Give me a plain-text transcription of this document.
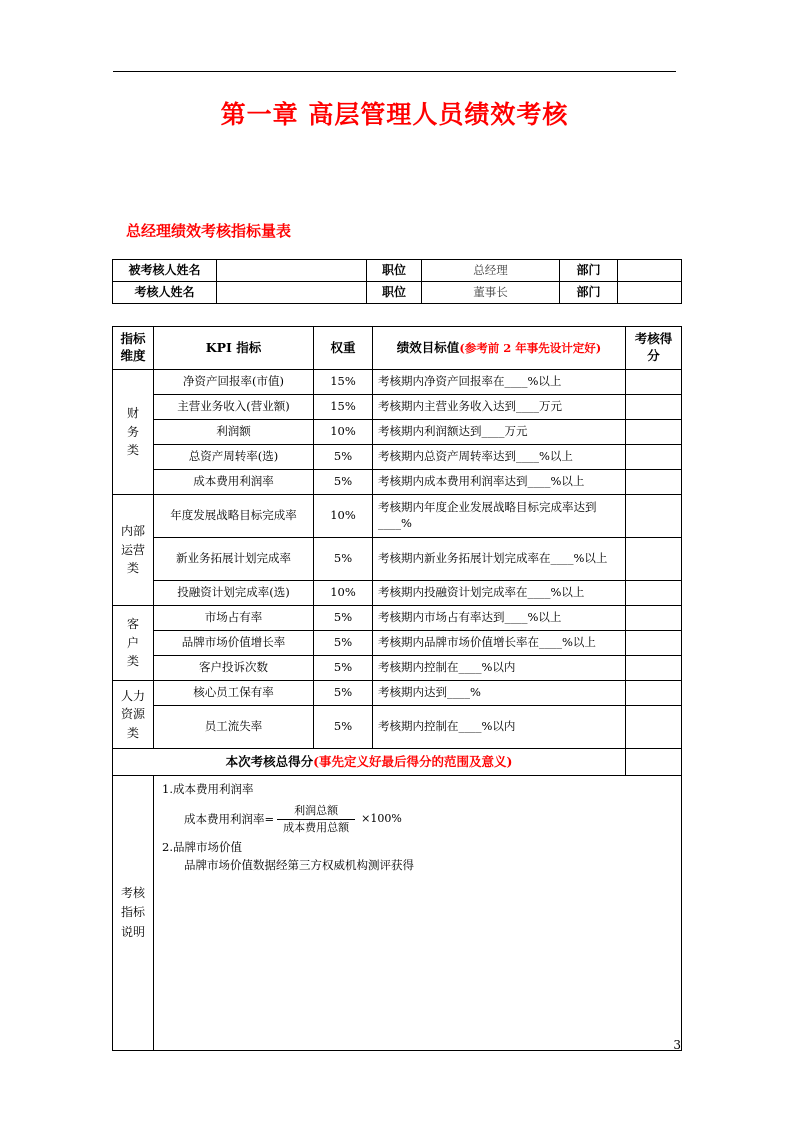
第一章 高层管理人员绩效考核
总经理绩效考核指标量表
被考核人姓名		职位	总经理	部门	
考核人姓名		职位	董事长	部门	
指标
维度	KPI 指标	权重	绩效目标值(参考前 2 年事先设计定好)	考核得分
财
务
类	净资产回报率(市值)	15%	考核期内净资产回报率在____%以上	
	主营业务收入(营业额)	15%	考核期内主营业务收入达到____万元	
	利润额	10%	考核期内利润额达到____万元	
	总资产周转率(选)	5%	考核期内总资产周转率达到____%以上	
	成本费用利润率	5%	考核期内成本费用利润率达到____%以上	
内部
运营
类	年度发展战略目标完成率	10%	考核期内年度企业发展战略目标完成率达到____%	
	新业务拓展计划完成率	5%	考核期内新业务拓展计划完成率在____%以上	
	投融资计划完成率(选)	10%	考核期内投融资计划完成率在____%以上	
客
户
类	市场占有率	5%	考核期内市场占有率达到____%以上	
	品牌市场价值增长率	5%	考核期内品牌市场价值增长率在____%以上	
	客户投诉次数	5%	考核期内控制在____%以内	
人力
资源
类	核心员工保有率	5%	考核期内达到____%	
	员工流失率	5%	考核期内控制在____%以内	
本次考核总得分(事先定义好最后得分的范围及意义)				
考核
指标
说明	
1.成本费用利润率
成本费用利润率= $\frac{\text{利润总额}}{\text{成本费用总额}} \times 100\%$
2.品牌市场价值
品牌市场价值数据经第三方权威机构测评获得
3
